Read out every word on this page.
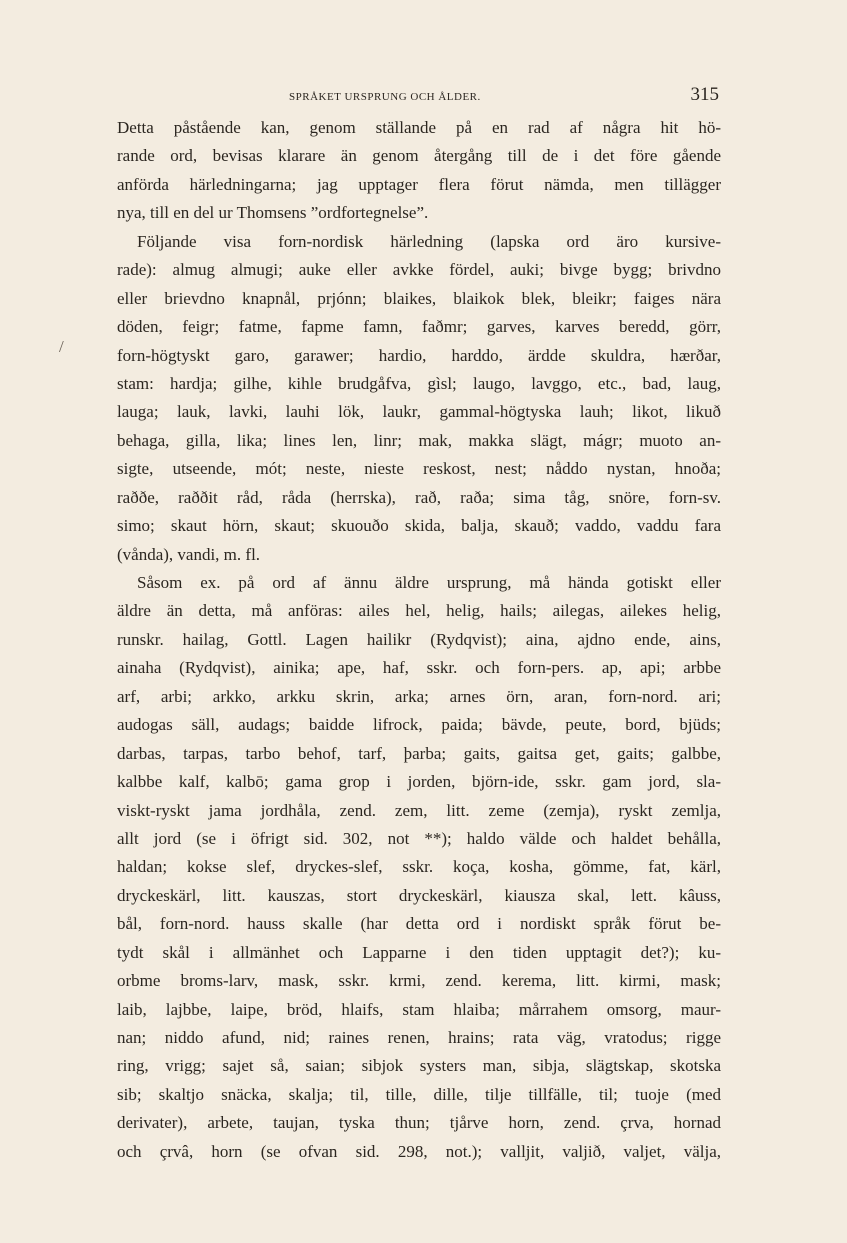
SPRÅKET URSPRUNG OCH ÅLDER.	315
/
Detta påstående kan, genom ställande på en rad af några hit hö-
rande ord, bevisas klarare än genom återgång till de i det före gående
anförda härledningarna; jag upptager flera förut nämda, men tillägger
nya, till en del ur Thomsens ”ordfortegnelse”.
Följande visa forn-nordisk härledning (lapska ord äro kursive-
rade): almug almugi; auke eller avkke fördel, auki; bivge bygg; brivdno
eller brievdno knapnål, prjónn; blaikes, blaikok blek, bleikr; faiges nära
döden, feigr; fatme, fapme famn, faðmr; garves, karves beredd, görr,
forn-högtyskt garo, garawer; hardio, harddo, ärdde skuldra, hærðar,
stam: hardja; gilhe, kihle brudgåfva, gìsl; laugo, lavggo, etc., bad, laug,
lauga; lauk, lavki, lauhi lök, laukr, gammal-högtyska lauh; likot, likuð
behaga, gilla, lika; lines len, linr; mak, makka slägt, mágr; muoto an-
sigte, utseende, mót; neste, nieste reskost, nest; nåddo nystan, hnoða;
raððe, raððit råd, råda (herrska), rað, raða; sima tåg, snöre, forn-sv.
simo; skaut hörn, skaut; skuouðo skida, balja, skauð; vaddo, vaddu fara
(vånda), vandi, m. fl.
Såsom ex. på ord af ännu äldre ursprung, må hända gotiskt eller
äldre än detta, må anföras: ailes hel, helig, hails; ailegas, ailekes helig,
runskr. hailag, Gottl. Lagen hailikr (Rydqvist); aina, ajdno ende, ains,
ainaha (Rydqvist), ainika; ape, haf, sskr. och forn-pers. ap, api; arbbe
arf, arbi; arkko, arkku skrin, arka; arnes örn, aran, forn-nord. ari;
audogas säll, audags; baidde lifrock, paida; bävde, peute, bord, bjüds;
darbas, tarpas, tarbo behof, tarf, þarba; gaits, gaitsa get, gaits; galbbe,
kalbbe kalf, kalbō; gama grop i jorden, björn-ide, sskr. gam jord, sla-
viskt-ryskt jama jordhåla, zend. zem, litt. zeme (zemja), ryskt zemlja,
allt jord (se i öfrigt sid. 302, not **); haldo välde och haldet behålla,
haldan; kokse slef, dryckes-slef, sskr. koça, kosha, gömme, fat, kärl,
dryckeskärl, litt. kauszas, stort dryckeskärl, kiausza skal, lett. kâuss,
bål, forn-nord. hauss skalle (har detta ord i nordiskt språk förut be-
tydt skål i allmänhet och Lapparne i den tiden upptagit det?); ku-
orbme broms-larv, mask, sskr. krmi, zend. kerema, litt. kirmi, mask;
laib, lajbbe, laipe, bröd, hlaifs, stam hlaiba; mårrahem omsorg, maur-
nan; niddo afund, nid; raines renen, hrains; rata väg, vratodus; rigge
ring, vrigg; sajet så, saian; sibjok systers man, sibja, slägtskap, skotska
sib; skaltjo snäcka, skalja; til, tille, dille, tilje tillfälle, til; tuoje (med
derivater), arbete, taujan, tyska thun; tjårve horn, zend. çrva, hornad
och çrvâ, horn (se ofvan sid. 298, not.); valljit, valjið, valjet, välja,
